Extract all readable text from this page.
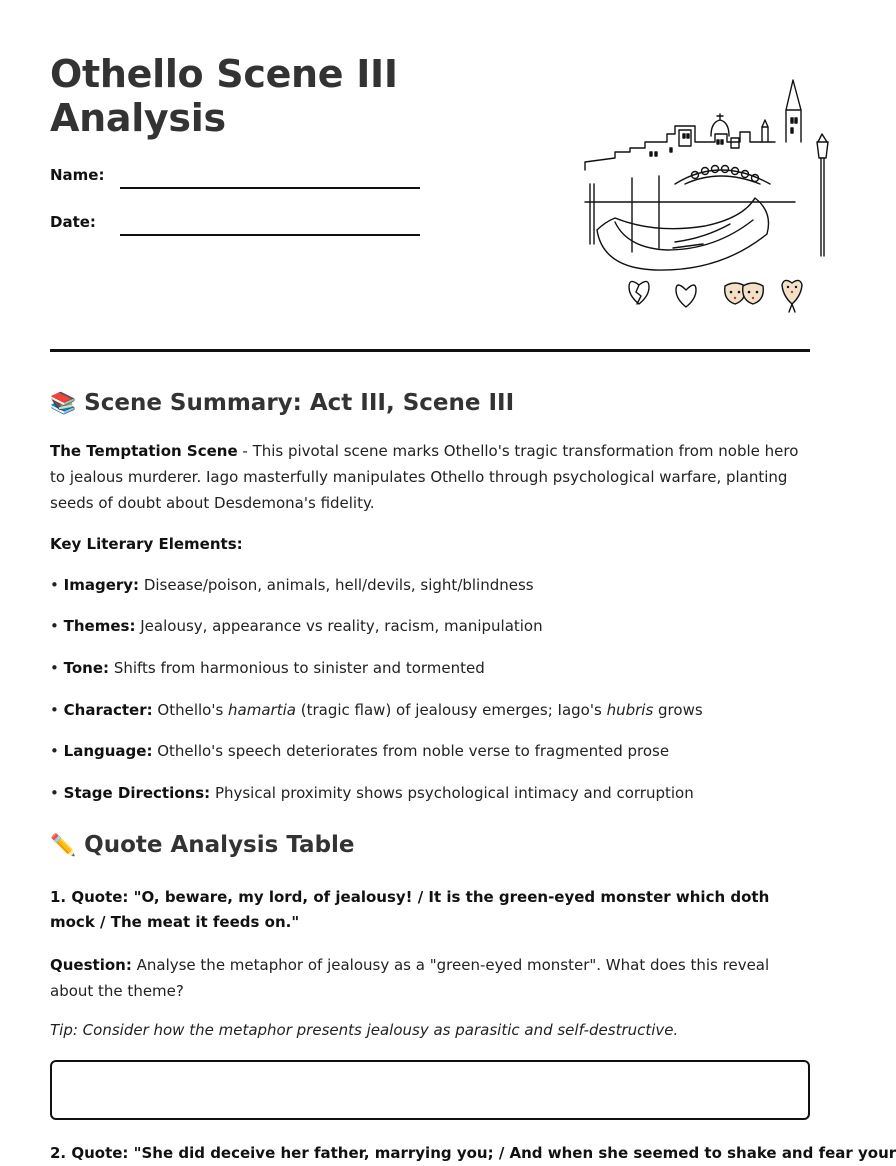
Othello Scene III
Analysis
Name:
Date:
📚 Scene Summary: Act III, Scene III

The Temptation Scene - This pivotal scene marks Othello's tragic transformation from noble hero to jealous murderer. Iago masterfully manipulates Othello through psychological warfare, planting seeds of doubt about Desdemona's fidelity.

Key Literary Elements:

• Imagery: Disease/poison, animals, hell/devils, sight/blindness

• Themes: Jealousy, appearance vs reality, racism, manipulation

• Tone: Shifts from harmonious to sinister and tormented

• Character: Othello's hamartia (tragic flaw) of jealousy emerges; Iago's hubris grows

• Language: Othello's speech deteriorates from noble verse to fragmented prose

• Stage Directions: Physical proximity shows psychological intimacy and corruption

✏️ Quote Analysis Table

1. Quote: "O, beware, my lord, of jealousy! / It is the green-eyed monster which doth mock / The meat it feeds on."

Question: Analyse the metaphor of jealousy as a "green-eyed monster". What does this reveal about the theme?

Tip: Consider how the metaphor presents jealousy as parasitic and self-destructive.

2. Quote: "She did deceive her father, marrying you; / And when she seemed to shake and fear your
